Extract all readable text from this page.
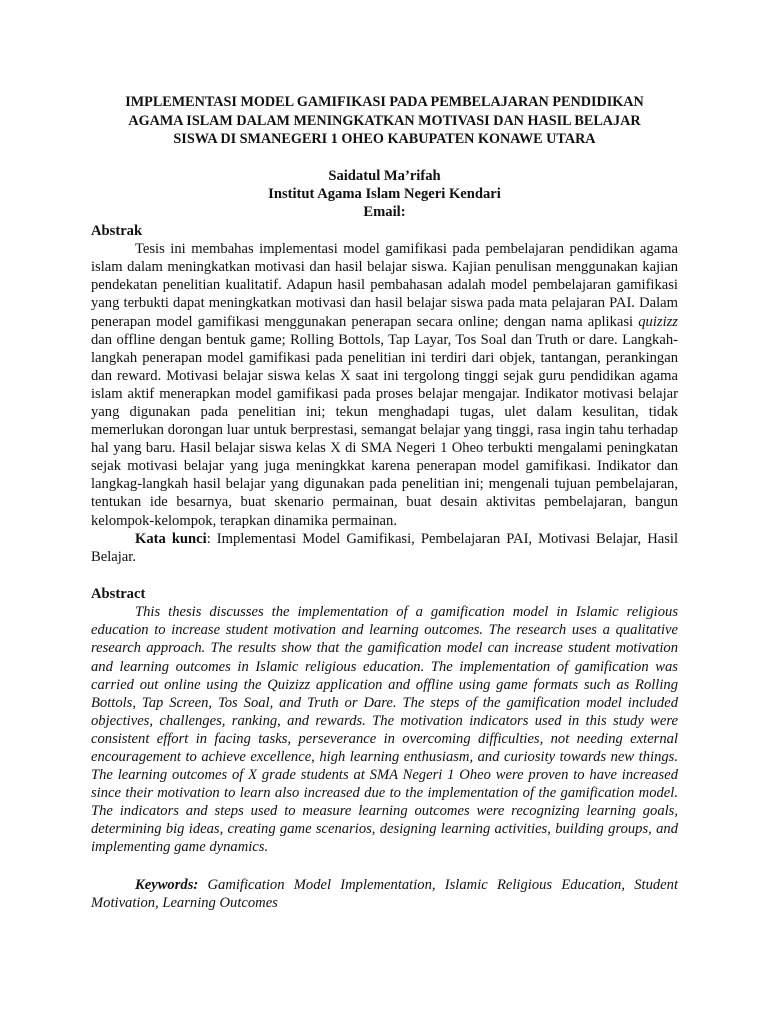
IMPLEMENTASI MODEL GAMIFIKASI PADA PEMBELAJARAN PENDIDIKAN

AGAMA ISLAM DALAM MENINGKATKAN MOTIVASI DAN HASIL BELAJAR

SISWA DI SMANEGERI 1 OHEO KABUPATEN KONAWE UTARA

Saidatul Ma’rifah
Institut Agama Islam Negeri Kendari
Email:

Abstrak

Tesis ini membahas implementasi model gamifikasi pada pembelajaran pendidikan agama islam dalam meningkatkan motivasi dan hasil belajar siswa. Kajian penulisan menggunakan kajian pendekatan penelitian kualitatif. Adapun hasil pembahasan adalah model pembelajaran gamifikasi yang terbukti dapat meningkatkan motivasi dan hasil belajar siswa pada mata pelajaran PAI. Dalam penerapan model gamifikasi menggunakan penerapan secara online; dengan nama aplikasi quizizz dan offline dengan bentuk game; Rolling Bottols, Tap Layar, Tos Soal dan Truth or dare. Langkah-langkah penerapan model gamifikasi pada penelitian ini terdiri dari objek, tantangan, perankingan dan reward. Motivasi belajar siswa kelas X saat ini tergolong tinggi sejak guru pendidikan agama islam aktif menerapkan model gamifikasi pada proses belajar mengajar. Indikator motivasi belajar yang digunakan pada penelitian ini; tekun menghadapi tugas, ulet dalam kesulitan, tidak memerlukan dorongan luar untuk berprestasi, semangat belajar yang tinggi, rasa ingin tahu terhadap hal yang baru. Hasil belajar siswa kelas X di SMA Negeri 1 Oheo terbukti mengalami peningkatan sejak motivasi belajar yang juga meningkkat karena penerapan model gamifikasi. Indikator dan langkag-langkah hasil belajar yang digunakan pada penelitian ini; mengenali tujuan pembelajaran, tentukan ide besarnya, buat skenario permainan, buat desain aktivitas pembelajaran, bangun kelompok-kelompok, terapkan dinamika permainan.

Kata kunci: Implementasi Model Gamifikasi, Pembelajaran PAI, Motivasi Belajar, Hasil Belajar.

Abstract

This thesis discusses the implementation of a gamification model in Islamic religious education to increase student motivation and learning outcomes. The research uses a qualitative research approach. The results show that the gamification model can increase student motivation and learning outcomes in Islamic religious education. The implementation of gamification was carried out online using the Quizizz application and offline using game formats such as Rolling Bottols, Tap Screen, Tos Soal, and Truth or Dare. The steps of the gamification model included objectives, challenges, ranking, and rewards. The motivation indicators used in this study were consistent effort in facing tasks, perseverance in overcoming difficulties, not needing external encouragement to achieve excellence, high learning enthusiasm, and curiosity towards new things. The learning outcomes of X grade students at SMA Negeri 1 Oheo were proven to have increased since their motivation to learn also increased due to the implementation of the gamification model. The indicators and steps used to measure learning outcomes were recognizing learning goals, determining big ideas, creating game scenarios, designing learning activities, building groups, and implementing game dynamics.

Keywords: Gamification Model Implementation, Islamic Religious Education, Student Motivation, Learning Outcomes
